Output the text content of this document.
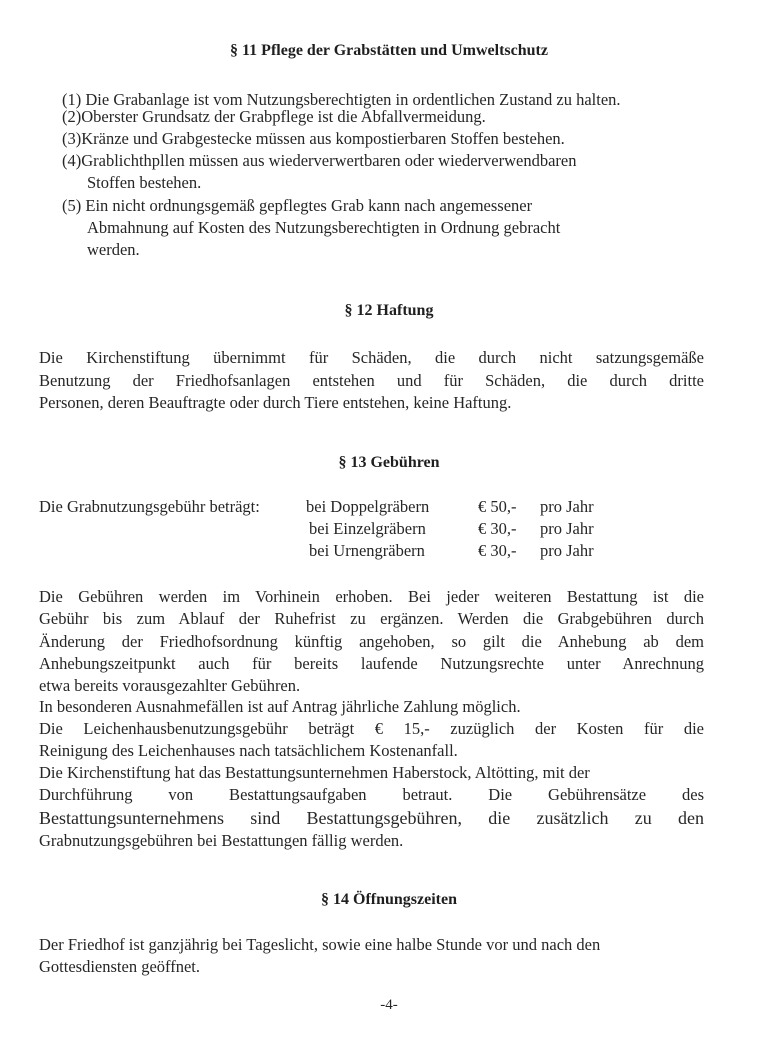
§ 11 Pflege der Grabstätten und Umweltschutz
(1) Die Grabanlage ist vom Nutzungsberechtigten in ordentlichen Zustand zu halten.
(2)Oberster Grundsatz der Grabpflege ist die Abfallvermeidung.
(3)Kränze und Grabgestecke müssen aus kompostierbaren Stoffen bestehen.
(4)Grablichthpllen müssen aus wiederverwertbaren oder wiederverwendbaren
Stoffen bestehen.
(5) Ein nicht ordnungsgemäß gepflegtes Grab kann nach angemessener
Abmahnung auf Kosten des Nutzungsberechtigten in Ordnung gebracht
werden.
§ 12 Haftung
Die Kirchenstiftung übernimmt für Schäden, die durch nicht satzungsgemäße
Benutzung der Friedhofsanlagen entstehen und für Schäden, die durch dritte
Personen, deren Beauftragte oder durch Tiere entstehen, keine Haftung.
§ 13 Gebühren
Die Grabnutzungsgebühr beträgt:	bei Doppelgräbern	€ 50,- pro Jahr
bei Einzelgräbern	€ 30,- pro Jahr
bei Urnengräbern	€ 30,- pro Jahr
Die Gebühren werden im Vorhinein erhoben. Bei jeder weiteren Bestattung ist die
Gebühr bis zum Ablauf der Ruhefrist zu ergänzen. Werden die Grabgebühren durch
Änderung der Friedhofsordnung künftig angehoben, so gilt die Anhebung ab dem
Anhebungszeitpunkt auch für bereits laufende Nutzungsrechte unter Anrechnung
etwa bereits vorausgezahlter Gebühren.
In besonderen Ausnahmefällen ist auf Antrag jährliche Zahlung möglich.
Die Leichenhausbenutzungsgebühr beträgt € 15,- zuzüglich der Kosten für die
Reinigung des Leichenhauses nach tatsächlichem Kostenanfall.
Die Kirchenstiftung hat das Bestattungsunternehmen Haberstock, Altötting, mit der
Durchführung von Bestattungsaufgaben betraut. Die Gebührensätze des
Bestattungsunternehmens sind Bestattungsgebühren, die zusätzlich zu den
Grabnutzungsgebühren bei Bestattungen fällig werden.
§ 14 Öffnungszeiten
Der Friedhof ist ganzjährig bei Tageslicht, sowie eine halbe Stunde vor und nach den
Gottesdiensten geöffnet.
-4-
